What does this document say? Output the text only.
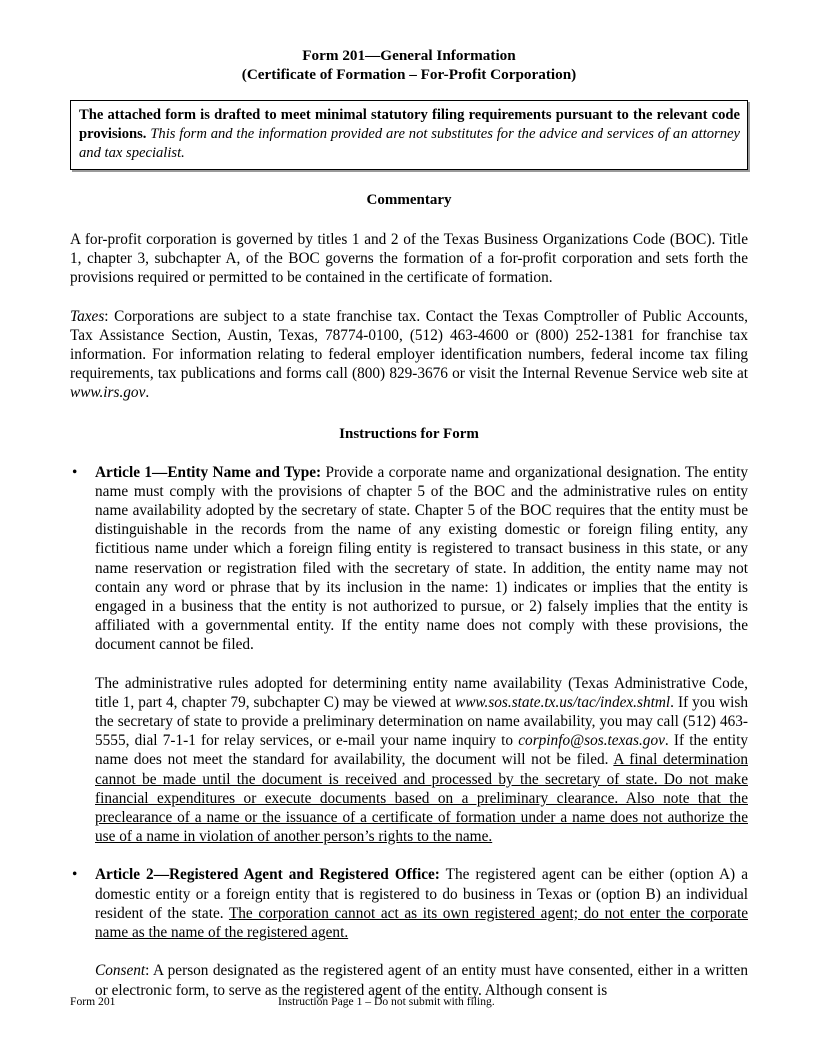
Form 201—General Information
(Certificate of Formation – For-Profit Corporation)

The attached form is drafted to meet minimal statutory filing requirements pursuant to the relevant code provisions. This form and the information provided are not substitutes for the advice and services of an attorney and tax specialist.

Commentary

A for-profit corporation is governed by titles 1 and 2 of the Texas Business Organizations Code (BOC). Title 1, chapter 3, subchapter A, of the BOC governs the formation of a for-profit corporation and sets forth the provisions required or permitted to be contained in the certificate of formation.

Taxes: Corporations are subject to a state franchise tax. Contact the Texas Comptroller of Public Accounts, Tax Assistance Section, Austin, Texas, 78774-0100, (512) 463-4600 or (800) 252-1381 for franchise tax information. For information relating to federal employer identification numbers, federal income tax filing requirements, tax publications and forms call (800) 829-3676 or visit the Internal Revenue Service web site at www.irs.gov.

Instructions for Form
• Article 1—Entity Name and Type: Provide a corporate name and organizational designation. The entity name must comply with the provisions of chapter 5 of the BOC and the administrative rules on entity name availability adopted by the secretary of state. Chapter 5 of the BOC requires that the entity must be distinguishable in the records from the name of any existing domestic or foreign filing entity, any fictitious name under which a foreign filing entity is registered to transact business in this state, or any name reservation or registration filed with the secretary of state. In addition, the entity name may not contain any word or phrase that by its inclusion in the name: 1) indicates or implies that the entity is engaged in a business that the entity is not authorized to pursue, or 2) falsely implies that the entity is affiliated with a governmental entity. If the entity name does not comply with these provisions, the document cannot be filed.

The administrative rules adopted for determining entity name availability (Texas Administrative Code, title 1, part 4, chapter 79, subchapter C) may be viewed at www.sos.state.tx.us/tac/index.shtml. If you wish the secretary of state to provide a preliminary determination on name availability, you may call (512) 463-5555, dial 7-1-1 for relay services, or e-mail your name inquiry to corpinfo@sos.texas.gov. If the entity name does not meet the standard for availability, the document will not be filed. A final determination cannot be made until the document is received and processed by the secretary of state. Do not make financial expenditures or execute documents based on a preliminary clearance. Also note that the preclearance of a name or the issuance of a certificate of formation under a name does not authorize the use of a name in violation of another person’s rights to the name.

• Article 2—Registered Agent and Registered Office: The registered agent can be either (option A) a domestic entity or a foreign entity that is registered to do business in Texas or (option B) an individual resident of the state. The corporation cannot act as its own registered agent; do not enter the corporate name as the name of the registered agent.

Consent: A person designated as the registered agent of an entity must have consented, either in a written or electronic form, to serve as the registered agent of the entity. Although consent is

Form 201	Instruction Page 1 – Do not submit with filing.
